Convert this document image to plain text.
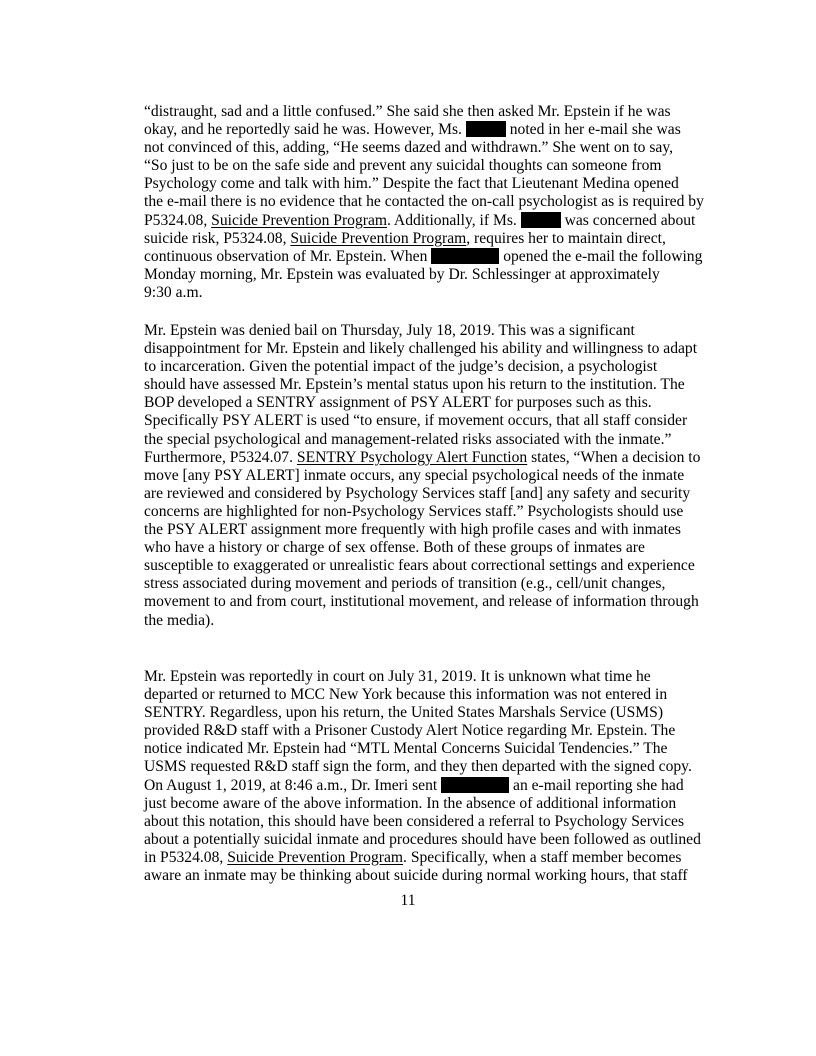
“distraught, sad and a little confused.” She said she then asked Mr. Epstein if he was

okay, and he reportedly said he was. However, Ms.	noted in her e-mail she was

not convinced of this, adding, “He seems dazed and withdrawn.” She went on to say,

“So just to be on the safe side and prevent any suicidal thoughts can someone from

Psychology come and talk with him.” Despite the fact that Lieutenant Medina opened

the e-mail there is no evidence that he contacted the on-call psychologist as is required by

P5324.08, Suicide Prevention Program. Additionally, if Ms.	was concerned about

suicide risk, P5324.08, Suicide Prevention Program, requires her to maintain direct,

continuous observation of Mr. Epstein. When	opened the e-mail the following

Monday morning, Mr. Epstein was evaluated by Dr. Schlessinger at approximately

9:30 a.m.

Mr. Epstein was denied bail on Thursday, July 18, 2019. This was a significant

disappointment for Mr. Epstein and likely challenged his ability and willingness to adapt

to incarceration. Given the potential impact of the judge’s decision, a psychologist

should have assessed Mr. Epstein’s mental status upon his return to the institution. The

BOP developed a SENTRY assignment of PSY ALERT for purposes such as this.

Specifically PSY ALERT is used “to ensure, if movement occurs, that all staff consider

the special psychological and management-related risks associated with the inmate.”

Furthermore, P5324.07. SENTRY Psychology Alert Function states, “When a decision to

move [any PSY ALERT] inmate occurs, any special psychological needs of the inmate

are reviewed and considered by Psychology Services staff [and] any safety and security

concerns are highlighted for non-Psychology Services staff.” Psychologists should use

the PSY ALERT assignment more frequently with high profile cases and with inmates

who have a history or charge of sex offense. Both of these groups of inmates are

susceptible to exaggerated or unrealistic fears about correctional settings and experience

stress associated during movement and periods of transition (e.g., cell/unit changes,

movement to and from court, institutional movement, and release of information through

the media).

Mr. Epstein was reportedly in court on July 31, 2019. It is unknown what time he

departed or returned to MCC New York because this information was not entered in

SENTRY. Regardless, upon his return, the United States Marshals Service (USMS)

provided R&D staff with a Prisoner Custody Alert Notice regarding Mr. Epstein. The

notice indicated Mr. Epstein had “MTL Mental Concerns Suicidal Tendencies.” The

USMS requested R&D staff sign the form, and they then departed with the signed copy.

On August 1, 2019, at 8:46 a.m., Dr. Imeri sent	an e-mail reporting she had

just become aware of the above information. In the absence of additional information

about this notation, this should have been considered a referral to Psychology Services

about a potentially suicidal inmate and procedures should have been followed as outlined

in P5324.08, Suicide Prevention Program. Specifically, when a staff member becomes

aware an inmate may be thinking about suicide during normal working hours, that staff

11
